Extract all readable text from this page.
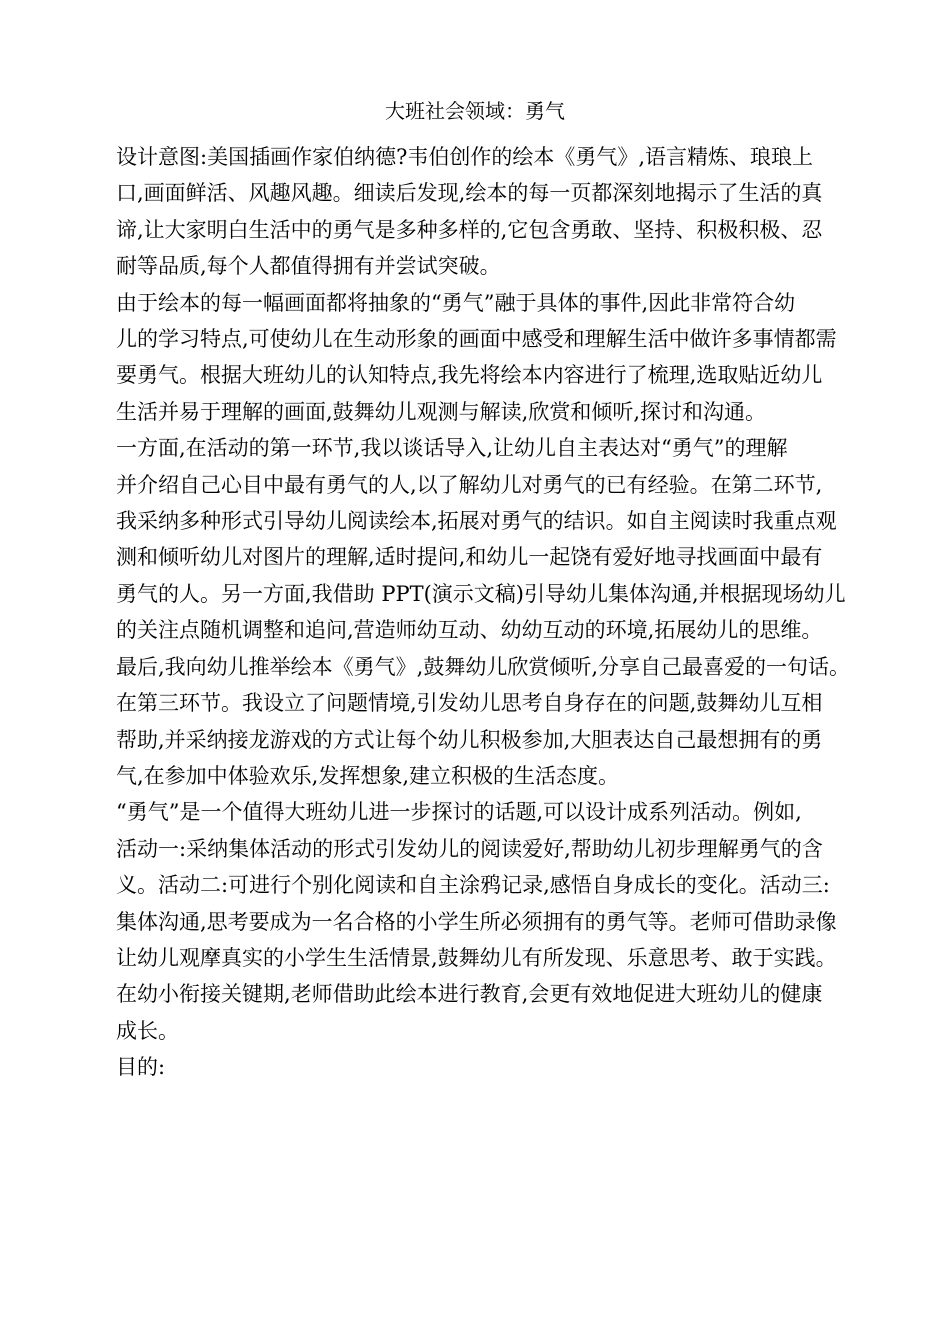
大班社会领域：勇气

设计意图:美国插画作家伯纳德?韦伯创作的绘本《勇气》,语言精炼、琅琅上
口,画面鲜活、风趣风趣。细读后发现,绘本的每一页都深刻地揭示了生活的真
谛,让大家明白生活中的勇气是多种多样的,它包含勇敢、坚持、积极积极、忍
耐等品质,每个人都值得拥有并尝试突破。

由于绘本的每一幅画面都将抽象的“勇气”融于具体的事件,因此非常符合幼
儿的学习特点,可使幼儿在生动形象的画面中感受和理解生活中做许多事情都需
要勇气。根据大班幼儿的认知特点,我先将绘本内容进行了梳理,选取贴近幼儿
生活并易于理解的画面,鼓舞幼儿观测与解读,欣赏和倾听,探讨和沟通。

一方面,在活动的第一环节,我以谈话导入,让幼儿自主表达对“勇气”的理解
并介绍自己心目中最有勇气的人,以了解幼儿对勇气的已有经验。在第二环节,
我采纳多种形式引导幼儿阅读绘本,拓展对勇气的结识。如自主阅读时我重点观
测和倾听幼儿对图片的理解,适时提问,和幼儿一起饶有爱好地寻找画面中最有
勇气的人。另一方面,我借助 PPT(演示文稿)引导幼儿集体沟通,并根据现场幼儿
的关注点随机调整和追问,营造师幼互动、幼幼互动的环境,拓展幼儿的思维。
最后,我向幼儿推举绘本《勇气》,鼓舞幼儿欣赏倾听,分享自己最喜爱的一句话。
在第三环节。我设立了问题情境,引发幼儿思考自身存在的问题,鼓舞幼儿互相
帮助,并采纳接龙游戏的方式让每个幼儿积极参加,大胆表达自己最想拥有的勇
气,在参加中体验欢乐,发挥想象,建立积极的生活态度。

“勇气”是一个值得大班幼儿进一步探讨的话题,可以设计成系列活动。例如,
活动一:采纳集体活动的形式引发幼儿的阅读爱好,帮助幼儿初步理解勇气的含
义。活动二:可进行个别化阅读和自主涂鸦记录,感悟自身成长的变化。活动三:
集体沟通,思考要成为一名合格的小学生所必须拥有的勇气等。老师可借助录像
让幼儿观摩真实的小学生生活情景,鼓舞幼儿有所发现、乐意思考、敢于实践。
在幼小衔接关键期,老师借助此绘本进行教育,会更有效地促进大班幼儿的健康
成长。

目的:
